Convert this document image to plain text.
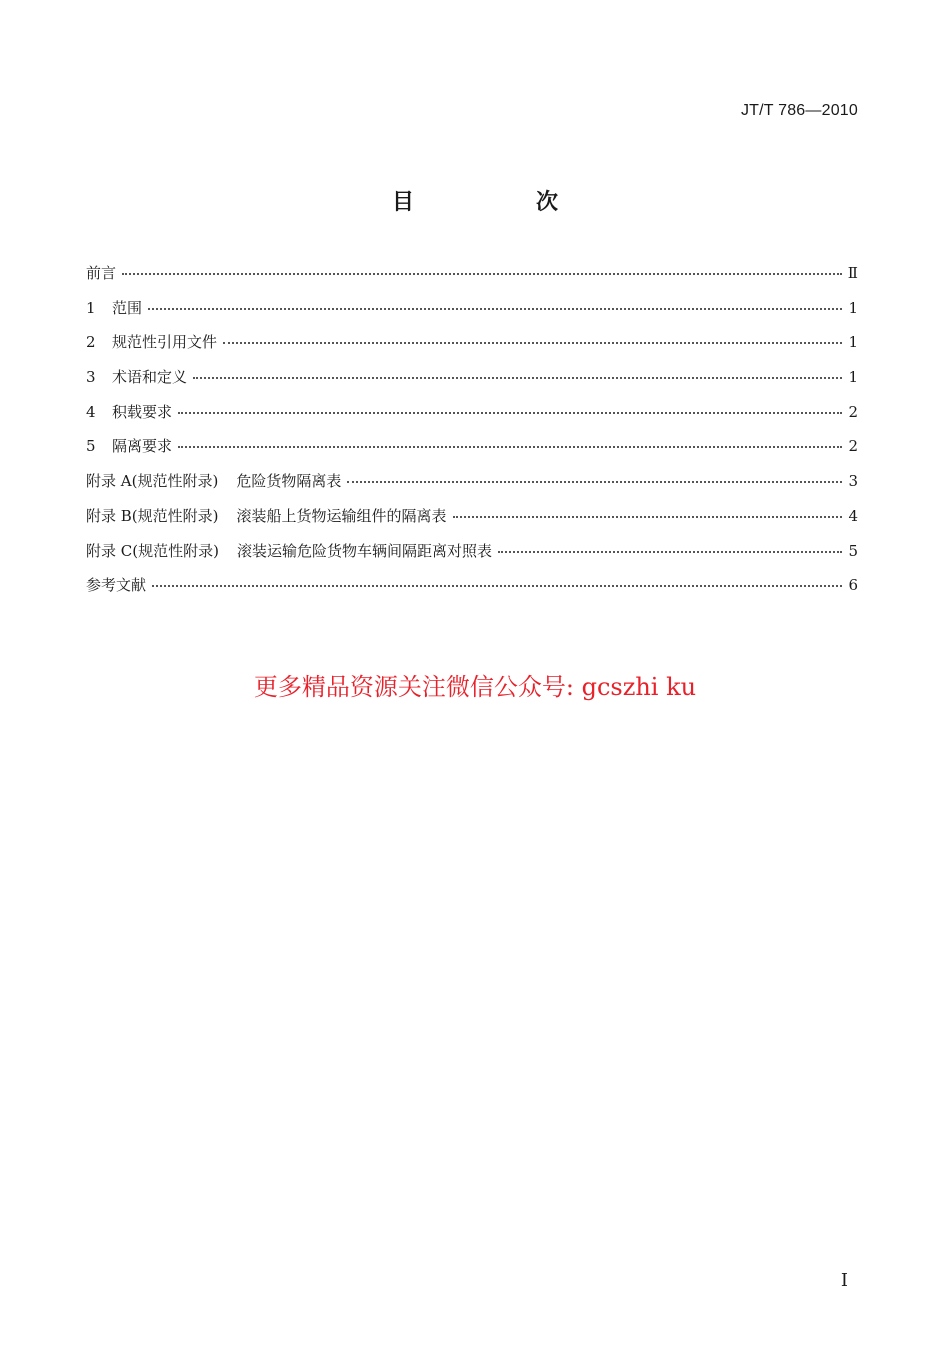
JT/T 786—2010
目　次
前言	Ⅱ
1	范围	1
2	规范性引用文件	1
3	术语和定义	1
4	积载要求	2
5	隔离要求	2
附录 A(规范性附录) 危险货物隔离表	3
附录 B(规范性附录) 滚装船上货物运输组件的隔离表	4
附录 C(规范性附录) 滚装运输危险货物车辆间隔距离对照表	5
参考文献	6
更多精品资源关注微信公众号: gcszhi ku
I
